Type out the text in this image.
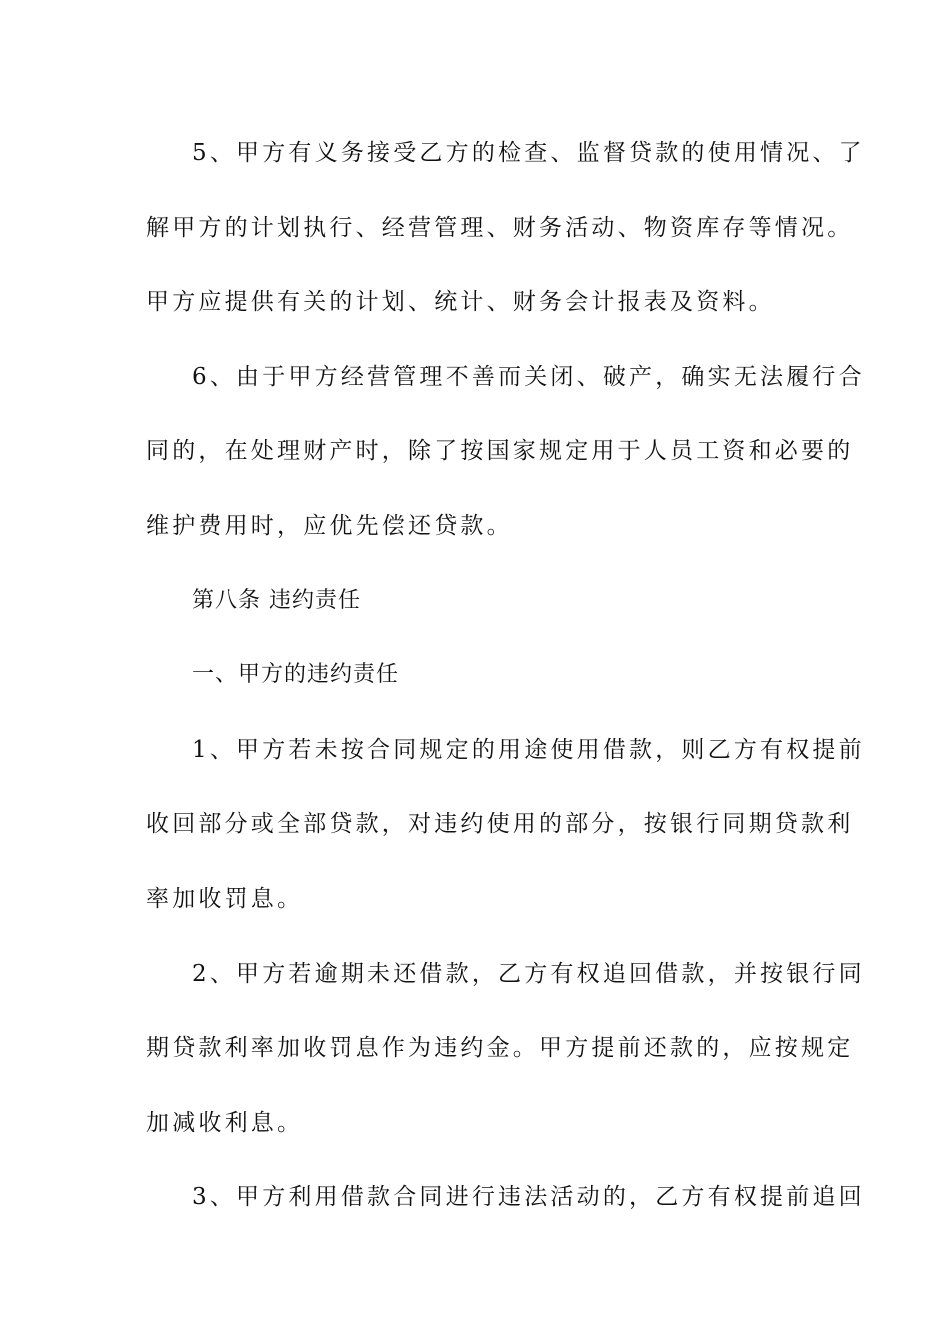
5、甲方有义务接受乙方的检查、监督贷款的使用情况、了
解甲方的计划执行、经营管理、财务活动、物资库存等情况。
甲方应提供有关的计划、统计、财务会计报表及资料。
6、由于甲方经营管理不善而关闭、破产，确实无法履行合
同的，在处理财产时，除了按国家规定用于人员工资和必要的
维护费用时，应优先偿还贷款。
第八条 违约责任
一、甲方的违约责任
1、甲方若未按合同规定的用途使用借款，则乙方有权提前
收回部分或全部贷款，对违约使用的部分，按银行同期贷款利
率加收罚息。
2、甲方若逾期未还借款，乙方有权追回借款，并按银行同
期贷款利率加收罚息作为违约金。甲方提前还款的，应按规定
加减收利息。
3、甲方利用借款合同进行违法活动的，乙方有权提前追回
